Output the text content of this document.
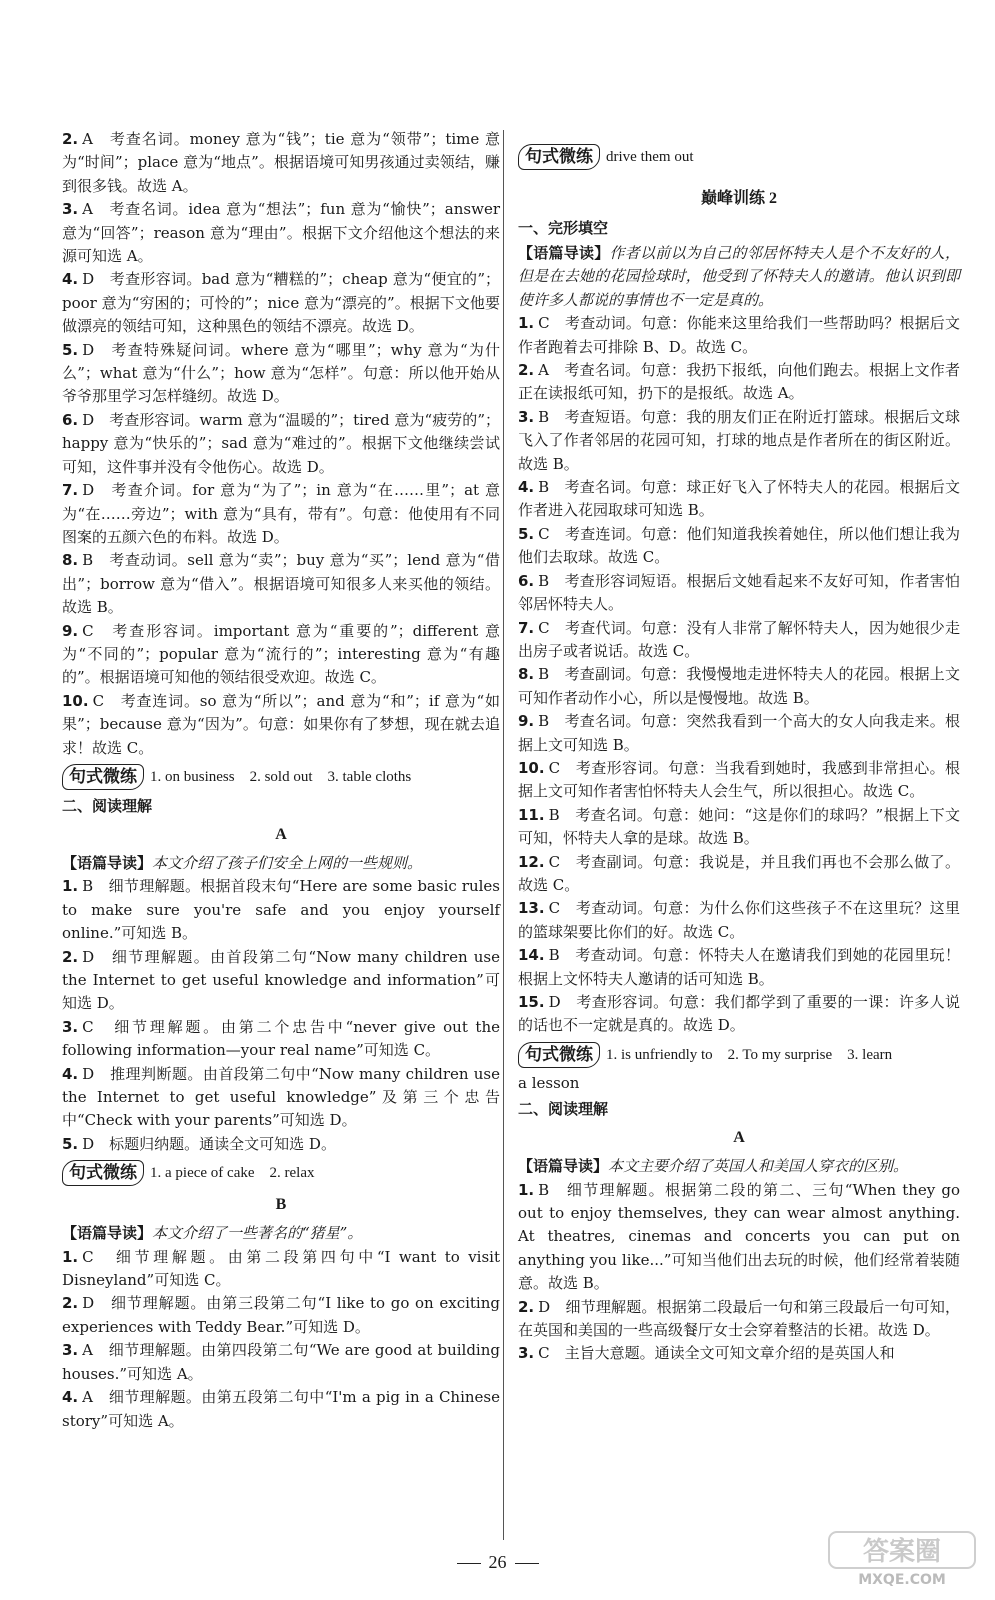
2. A　考查名词。money 意为“钱”；tie 意为“领带”；time 意为“时间”；place 意为“地点”。根据语境可知男孩通过卖领结，赚到很多钱。故选 A。

3. A　考查名词。idea 意为“想法”；fun 意为“愉快”；answer 意为“回答”；reason 意为“理由”。根据下文介绍他这个想法的来源可知选 A。

4. D　考查形容词。bad 意为“糟糕的”；cheap 意为“便宜的”；poor 意为“穷困的；可怜的”；nice 意为“漂亮的”。根据下文他要做漂亮的领结可知，这种黑色的领结不漂亮。故选 D。

5. D　考查特殊疑问词。where 意为“哪里”；why 意为“为什么”；what 意为“什么”；how 意为“怎样”。句意：所以他开始从爷爷那里学习怎样缝纫。故选 D。

6. D　考查形容词。warm 意为“温暖的”；tired 意为“疲劳的”；happy 意为“快乐的”；sad 意为“难过的”。根据下文他继续尝试可知，这件事并没有令他伤心。故选 D。

7. D　考查介词。for 意为“为了”；in 意为“在……里”；at 意为“在……旁边”；with 意为“具有，带有”。句意：他使用有不同图案的五颜六色的布料。故选 D。

8. B　考查动词。sell 意为“卖”；buy 意为“买”；lend 意为“借出”；borrow 意为“借入”。根据语境可知很多人来买他的领结。故选 B。

9. C　考查形容词。important 意为“重要的”；different 意为“不同的”；popular 意为“流行的”；interesting 意为“有趣的”。根据语境可知他的领结很受欢迎。故选 C。

10. C　考查连词。so 意为“所以”；and 意为“和”；if 意为“如果”；because 意为“因为”。句意：如果你有了梦想，现在就去追求！故选 C。

句式微练 1. on business　2. sold out　3. table cloths
二、阅读理解
A

【语篇导读】本文介绍了孩子们安全上网的一些规则。

1. B　细节理解题。根据首段末句“Here are some basic rules to make sure you're safe and you enjoy yourself online.”可知选 B。

2. D　细节理解题。由首段第二句“Now many children use the Internet to get useful knowledge and information”可知选 D。

3. C　细节理解题。由第二个忠告中“never give out the following information—your real name”可知选 C。

4. D　推理判断题。由首段第二句中“Now many children use the Internet to get useful knowledge”及第三个忠告中“Check with your parents”可知选 D。

5. D　标题归纳题。通读全文可知选 D。

句式微练 1. a piece of cake　2. relax
B

【语篇导读】本文介绍了一些著名的“猪星”。

1. C　细节理解题。由第二段第四句中“I want to visit Disneyland”可知选 C。

2. D　细节理解题。由第三段第二句“I like to go on exciting experiences with Teddy Bear.”可知选 D。

3. A　细节理解题。由第四段第二句“We are good at building houses.”可知选 A。

4. A　细节理解题。由第五段第二句中“I'm a pig in a Chinese story”可知选 A。

句式微练 drive them out
巅峰训练 2
一、完形填空

【语篇导读】作者以前以为自己的邻居怀特夫人是个不友好的人，但是在去她的花园捡球时，他受到了怀特夫人的邀请。他认识到即使许多人都说的事情也不一定是真的。

1. C　考查动词。句意：你能来这里给我们一些帮助吗？根据后文作者跑着去可排除 B、D。故选 C。

2. A　考查名词。句意：我扔下报纸，向他们跑去。根据上文作者正在读报纸可知，扔下的是报纸。故选 A。

3. B　考查短语。句意：我的朋友们正在附近打篮球。根据后文球飞入了作者邻居的花园可知，打球的地点是作者所在的街区附近。故选 B。

4. B　考查名词。句意：球正好飞入了怀特夫人的花园。根据后文作者进入花园取球可知选 B。

5. C　考查连词。句意：他们知道我挨着她住，所以他们想让我为他们去取球。故选 C。

6. B　考查形容词短语。根据后文她看起来不友好可知，作者害怕邻居怀特夫人。

7. C　考查代词。句意：没有人非常了解怀特夫人，因为她很少走出房子或者说话。故选 C。

8. B　考查副词。句意：我慢慢地走进怀特夫人的花园。根据上文可知作者动作小心，所以是慢慢地。故选 B。

9. B　考查名词。句意：突然我看到一个高大的女人向我走来。根据上文可知选 B。

10. C　考查形容词。句意：当我看到她时，我感到非常担心。根据上文可知作者害怕怀特夫人会生气，所以很担心。故选 C。

11. B　考查名词。句意：她问：“这是你们的球吗？”根据上下文可知，怀特夫人拿的是球。故选 B。

12. C　考查副词。句意：我说是，并且我们再也不会那么做了。故选 C。

13. C　考查动词。句意：为什么你们这些孩子不在这里玩？这里的篮球架要比你们的好。故选 C。

14. B　考查动词。句意：怀特夫人在邀请我们到她的花园里玩！根据上文怀特夫人邀请的话可知选 B。

15. D　考查形容词。句意：我们都学到了重要的一课：许多人说的话也不一定就是真的。故选 D。

句式微练 1. is unfriendly to　2. To my surprise　3. learn

a lesson

二、阅读理解
A

【语篇导读】本文主要介绍了英国人和美国人穿衣的区别。

1. B　细节理解题。根据第二段的第二、三句“When they go out to enjoy themselves, they can wear almost anything. At theatres, cinemas and concerts you can put on anything you like...”可知当他们出去玩的时候，他们经常着装随意。故选 B。

2. D　细节理解题。根据第二段最后一句和第三段最后一句可知，在英国和美国的一些高级餐厅女士会穿着整洁的长裙。故选 D。

3. C　主旨大意题。通读全文可知文章介绍的是英国人和

26	答案圈
MXQE.COM
